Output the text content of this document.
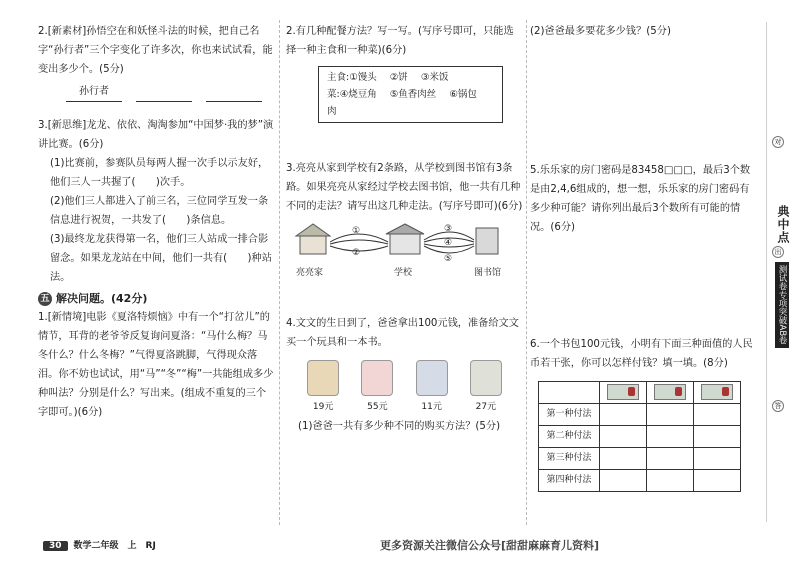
2.[新素材]孙悟空在和妖怪斗法的时候，把自己名字“孙行者”三个字变化了许多次，你也来试试看，能变出多少个。(5分)

孙行者

3.[新思维]龙龙、依依、淘淘参加“中国梦·我的梦”演讲比赛。(6分)

(1)比赛前，参赛队员每两人握一次手以示友好，他们三人一共握了(　　)次手。

(2)他们三人都进入了前三名，三位同学互发一条信息进行祝贺，一共发了(　　)条信息。

(3)最终龙龙获得第一名，他们三人站成一排合影留念。如果龙龙站在中间，他们一共有(　　)种站法。

五 解决问题。(42分)

1.[新情境]电影《夏洛特烦恼》中有一个“打岔儿”的情节，耳背的老爷爷反复询问夏洛：“马什么梅？马冬什么？什么冬梅？”气得夏洛跳脚，气得现众落泪。你不妨也试试，用“马”“冬”“梅”一共能组成多少种叫法？分别是什么？写出来。(组成不重复的三个字即可。)(6分)

2.有几种配餐方法？写一写。(写序号即可，只能选择一种主食和一种菜)(6分)

主食:①馒头 ②饼 ③米饭
菜:④烧豆角 ⑤鱼香肉丝 ⑥锅包肉

3.亮亮从家到学校有2条路，从学校到图书馆有3条路。如果亮亮从家经过学校去图书馆，他一共有几种不同的走法？请写出这几种走法。(写序号即可)(6分)

①
②
③
④
⑤
亮亮家	学校	图书馆

4.文文的生日到了，爸爸拿出100元钱，准备给文文买一个玩具和一本书。

19元	55元	11元	27元

(1)爸爸一共有多少种不同的购买方法？(5分)

(2)爸爸最多要花多少钱？(5分)

5.乐乐家的房门密码是83458□□□，最后3个数是由2,4,6组成的，想一想，乐乐家的房门密码有多少种可能？请你列出最后3个数所有可能的情况。(6分)

6.一个书包100元钱，小明有下面三种面值的人民币若干张，你可以怎样付钱？填一填。(8分)

第一种付法			
第二种付法			
第三种付法			
第四种付法			
对
典中点
出
测试卷专项突破AB卷
答
30 数学二年级　上　RJ	更多资源关注微信公众号[甜甜麻麻育儿资料]
